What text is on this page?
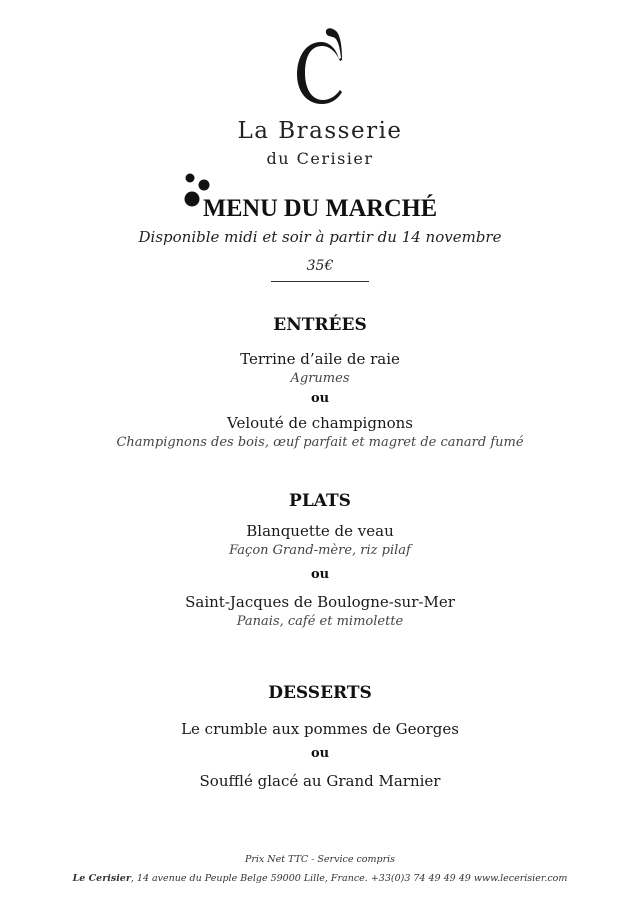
La Brasserie
du Cerisier
MENU DU MARCHÉ
Disponible midi et soir à partir du 14 novembre
35€
ENTRÉES
Terrine d’aile de raie
Agrumes
ou
Velouté de champignons
Champignons des bois, œuf parfait et magret de canard fumé
PLATS
Blanquette de veau
Façon Grand-mère, riz pilaf
ou
Saint-Jacques de Boulogne-sur-Mer
Panais, café et mimolette
DESSERTS
Le crumble aux pommes de Georges
ou
Soufflé glacé au Grand Marnier
Prix Net TTC - Service compris
Le Cerisier, 14 avenue du Peuple Belge 59000 Lille, France. +33(0)3 74 49 49 49 www.lecerisier.com
